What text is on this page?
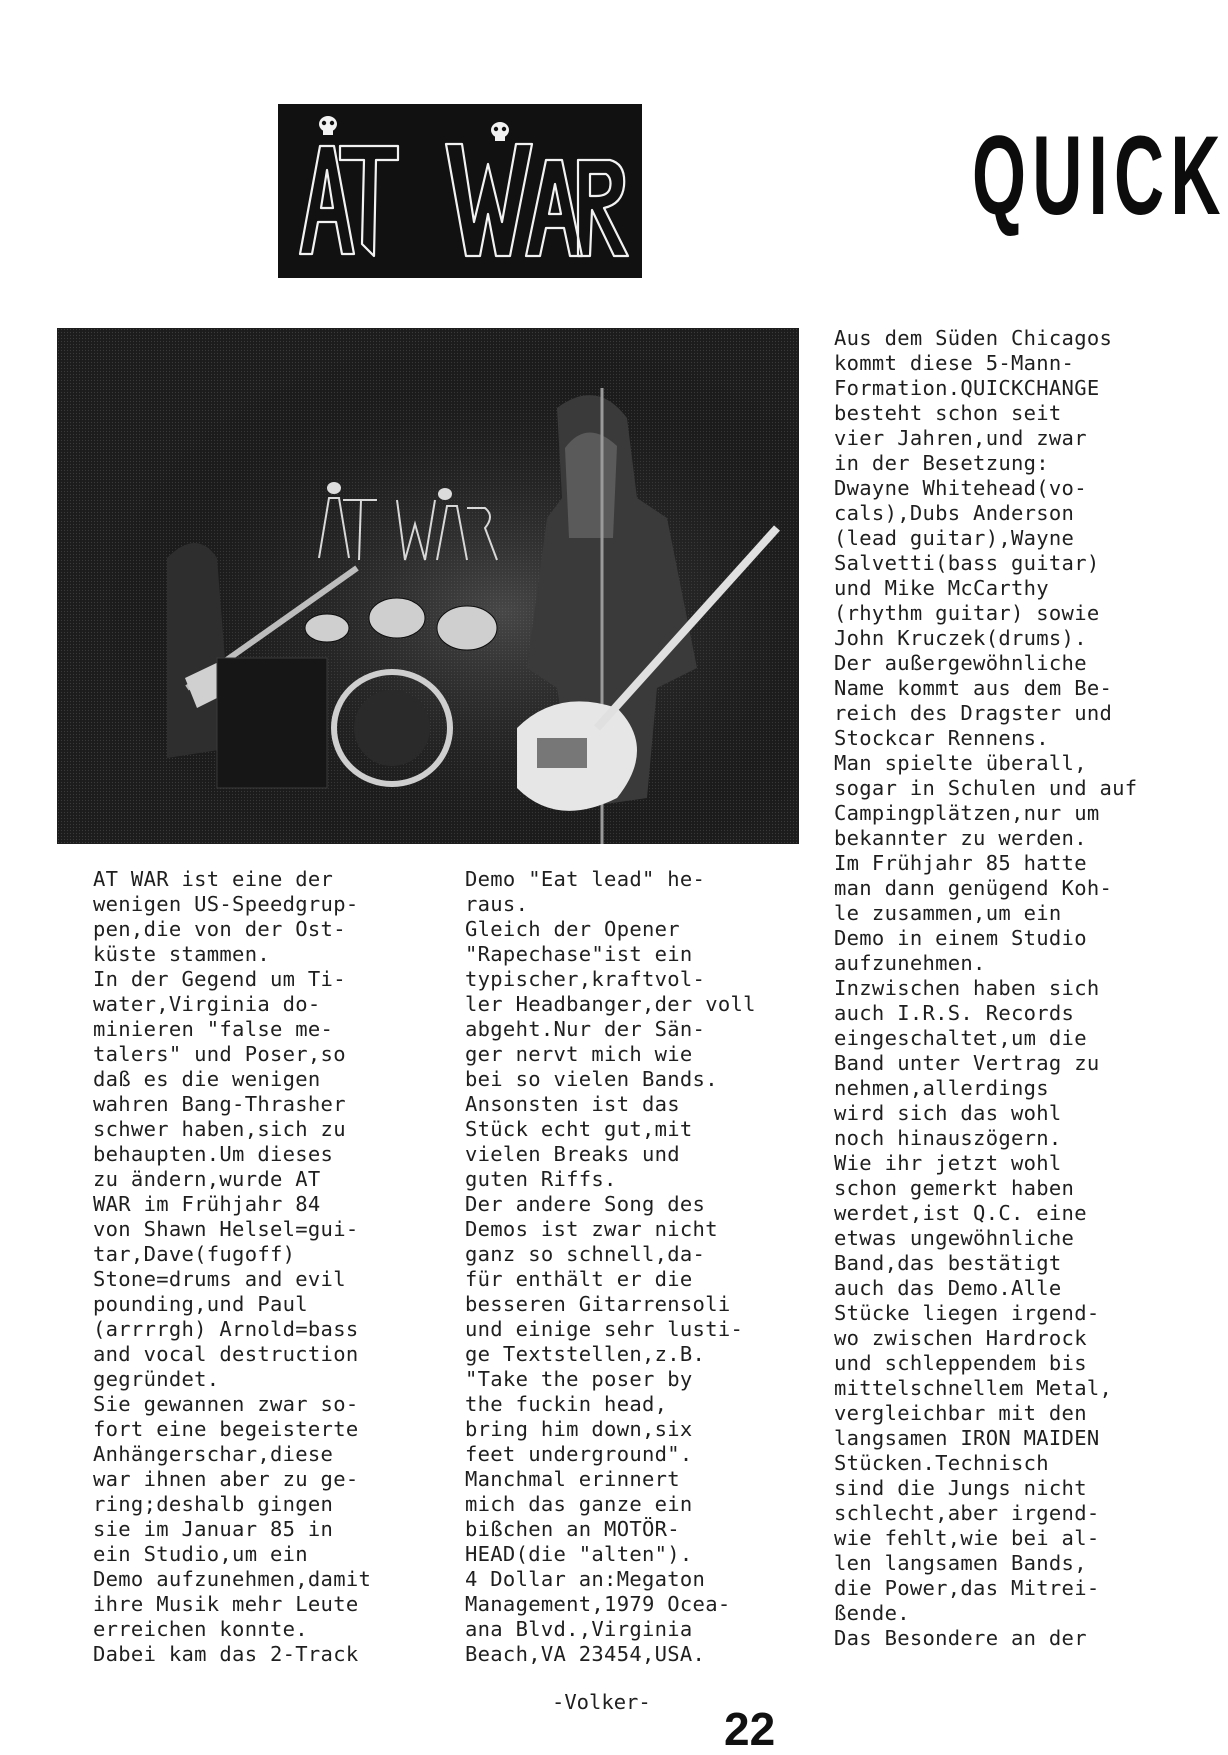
QUICK
AT WAR ist eine der
wenigen US-Speedgrup-
pen,die von der Ost-
küste stammen.
In der Gegend um Ti-
water,Virginia do-
minieren "false me-
talers" und Poser,so
daß es die wenigen
wahren Bang-Thrasher
schwer haben,sich zu
behaupten.Um dieses
zu ändern,wurde AT
WAR im Frühjahr 84
von Shawn Helsel=gui-
tar,Dave(fugoff)
Stone=drums and evil
pounding,und Paul
(arrrrgh) Arnold=bass
and vocal destruction
gegründet.
Sie gewannen zwar so-
fort eine begeisterte
Anhängerschar,diese
war ihnen aber zu ge-
ring;deshalb gingen
sie im Januar 85 in
ein Studio,um ein
Demo aufzunehmen,damit
ihre Musik mehr Leute
erreichen konnte.
Dabei kam das 2-Track
Demo "Eat lead" he-
raus.
Gleich der Opener
"Rapechase"ist ein
typischer,kraftvol-
ler Headbanger,der voll
abgeht.Nur der Sän-
ger nervt mich wie
bei so vielen Bands.
Ansonsten ist das
Stück echt gut,mit
vielen Breaks und
guten Riffs.
Der andere Song des
Demos ist zwar nicht
ganz so schnell,da-
für enthält er die
besseren Gitarrensoli
und einige sehr lusti-
ge Textstellen,z.B.
"Take the poser by
the fuckin head,
bring him down,six
feet underground".
Manchmal erinnert
mich das ganze ein
bißchen an MOTÖR-
HEAD(die "alten").
4 Dollar an:Megaton
Management,1979 Ocea-
ana Blvd.,Virginia
Beach,VA 23454,USA.
-Volker-
Aus dem Süden Chicagos
kommt diese 5-Mann-
Formation.QUICKCHANGE
besteht schon seit
vier Jahren,und zwar
in der Besetzung:
Dwayne Whitehead(vo-
cals),Dubs Anderson
(lead guitar),Wayne
Salvetti(bass guitar)
und Mike McCarthy
(rhythm guitar) sowie
John Kruczek(drums).
Der außergewöhnliche
Name kommt aus dem Be-
reich des Dragster und
Stockcar Rennens.
Man spielte überall,
sogar in Schulen und auf
Campingplätzen,nur um
bekannter zu werden.
Im Frühjahr 85 hatte
man dann genügend Koh-
le zusammen,um ein
Demo in einem Studio
aufzunehmen.
Inzwischen haben sich
auch I.R.S. Records
eingeschaltet,um die
Band unter Vertrag zu
nehmen,allerdings
wird sich das wohl
noch hinauszögern.
Wie ihr jetzt wohl
schon gemerkt haben
werdet,ist Q.C. eine
etwas ungewöhnliche
Band,das bestätigt
auch das Demo.Alle
Stücke liegen irgend-
wo zwischen Hardrock
und schleppendem bis
mittelschnellem Metal,
vergleichbar mit den
langsamen IRON MAIDEN
Stücken.Technisch
sind die Jungs nicht
schlecht,aber irgend-
wie fehlt,wie bei al-
len langsamen Bands,
die Power,das Mitrei-
ßende.
Das Besondere an der
22
